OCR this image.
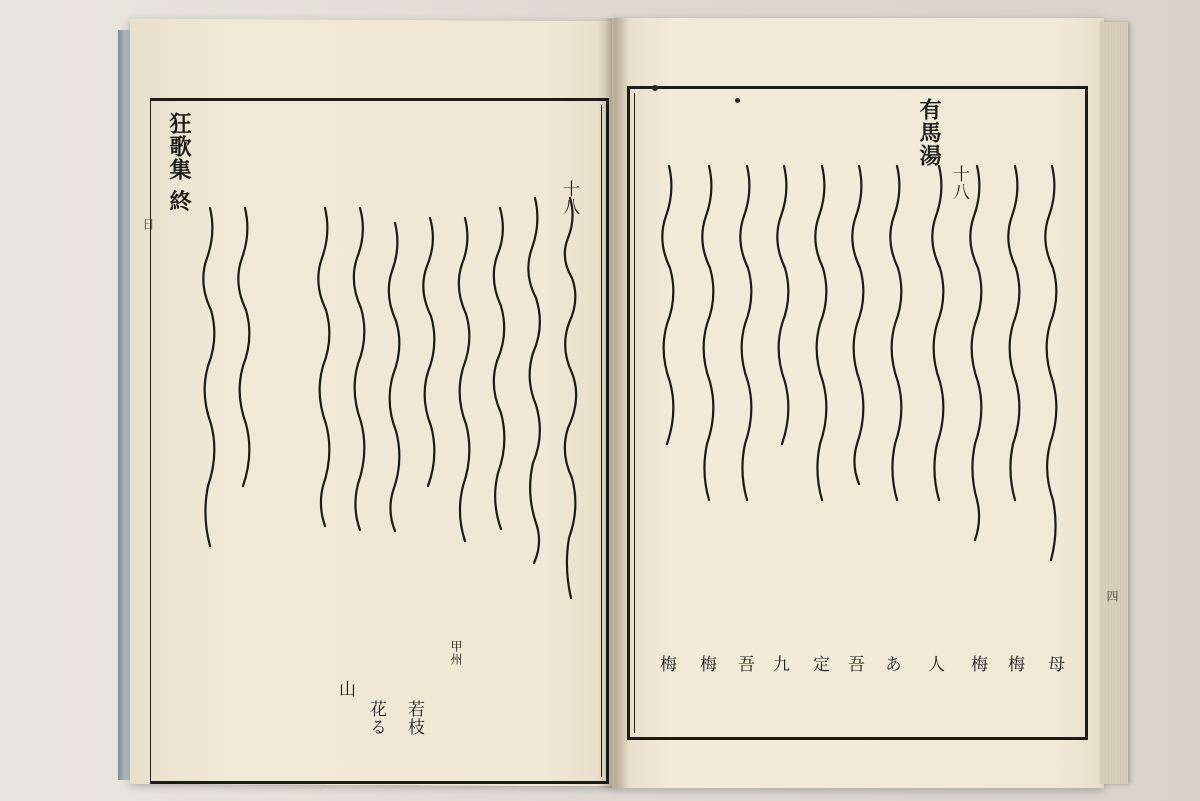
狂歌集 終	十八
甲州
若枝
花る
山
有馬湯
十八
母
梅
梅
人
あ
吾
定
九
吾
梅
梅
日
四
